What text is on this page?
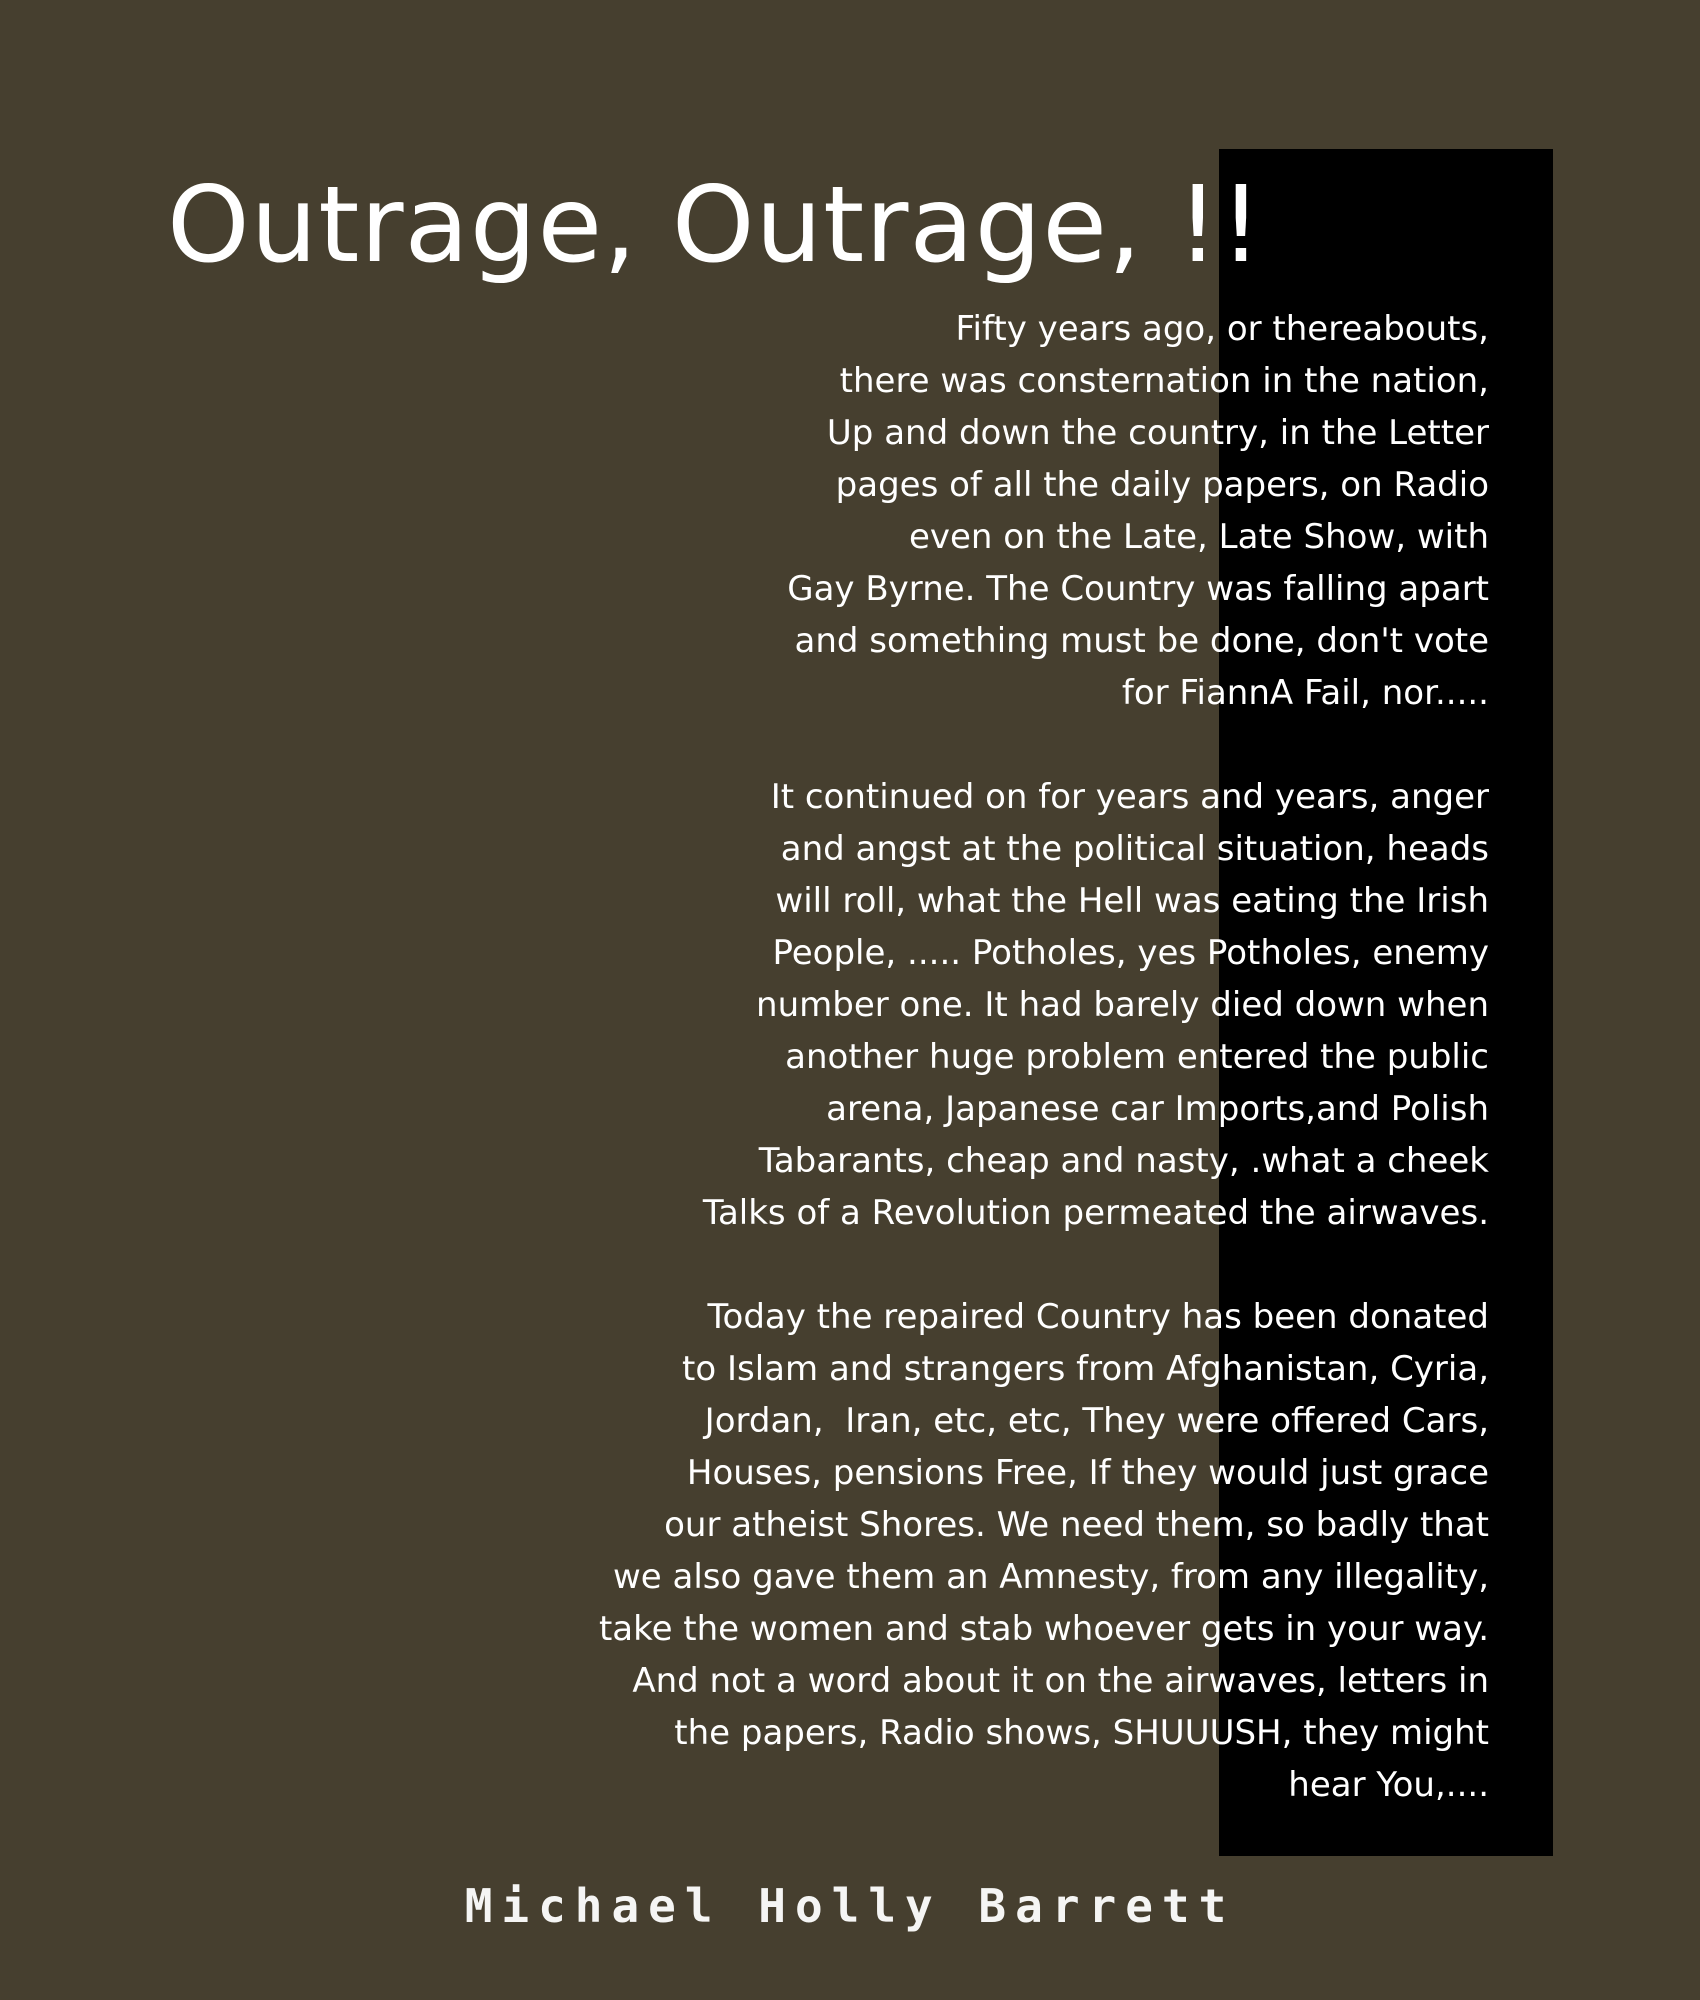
Outrage, Outrage, !!
Fifty years ago, or thereabouts,
there was consternation in the nation,
Up and down the country, in the Letter
pages of all the daily papers, on Radio
even on the Late, Late Show, with
Gay Byrne. The Country was falling apart
and something must be done, don't vote
for FiannA Fail, nor.....
It continued on for years and years, anger
and angst at the political situation, heads
will roll, what the Hell was eating the Irish
People, ..... Potholes, yes Potholes, enemy
number one. It had barely died down when
another huge problem entered the public
arena, Japanese car Imports,and Polish
Tabarants, cheap and nasty, .what a cheek
Talks of a Revolution permeated the airwaves.
Today the repaired Country has been donated
to Islam and strangers from Afghanistan, Cyria,
Jordan,  Iran, etc, etc, They were offered Cars,
Houses, pensions Free, If they would just grace
our atheist Shores. We need them, so badly that
we also gave them an Amnesty, from any illegality,
take the women and stab whoever gets in your way.
And not a word about it on the airwaves, letters in
the papers, Radio shows, SHUUUSH, they might
hear You,....
Michael Holly Barrett
